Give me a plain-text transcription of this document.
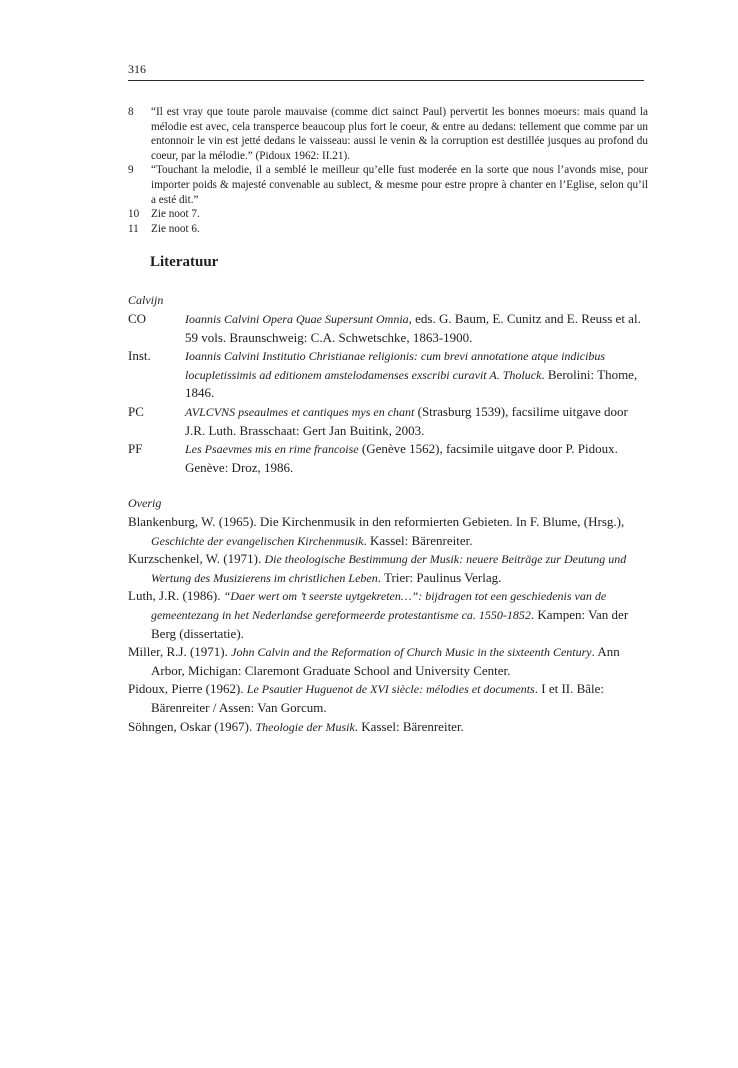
316
8	“Il est vray que toute parole mauvaise (comme dict sainct Paul) pervertit les bonnes moeurs: mais quand la mélodie est avec, cela transperce beaucoup plus fort le coeur, & entre au dedans: tellement que comme par un entonnoir le vin est jetté dedans le vaisseau: aussi le venin & la corruption est destillée jusques au profond du coeur, par la mélodie.” (Pidoux 1962: II.21).
9	“Touchant la melodie, il a semblé le meilleur qu’elle fust moderée en la sorte que nous l’avonds mise, pour importer poids & majesté convenable au sublect, & mesme pour estre propre à chanter en l’Eglise, selon qu’il a esté dit.”
10	Zie noot 7.
11	Zie noot 6.
Literatuur
Calvijn
CO	Ioannis Calvini Opera Quae Supersunt Omnia, eds. G. Baum, E. Cunitz and E. Reuss et al. 59 vols. Braunschweig: C.A. Schwetschke, 1863-1900.
Inst.	Ioannis Calvini Institutio Christianae religionis: cum brevi annotatione atque indicibus locupletissimis ad editionem amstelodamenses exscribi curavit A. Tholuck. Berolini: Thome, 1846.
PC	AVLCVNS pseaulmes et cantiques mys en chant (Strasburg 1539), facsilime uitgave door J.R. Luth. Brasschaat: Gert Jan Buitink, 2003.
PF	Les Psaevmes mis en rime francoise (Genève 1562), facsimile uitgave door P. Pidoux. Genève: Droz, 1986.
Overig
Blankenburg, W. (1965). Die Kirchenmusik in den reformierten Gebieten. In F. Blume, (Hrsg.), Geschichte der evangelischen Kirchenmusik. Kassel: Bärenreiter.
Kurzschenkel, W. (1971). Die theologische Bestimmung der Musik: neuere Beiträge zur Deutung und Wertung des Musizierens im christlichen Leben. Trier: Paulinus Verlag.
Luth, J.R. (1986). “Daer wert om ’t seerste uytgekreten…”: bijdragen tot een geschiedenis van de gemeentezang in het Nederlandse gereformeerde protestantisme ca. 1550-1852. Kampen: Van der Berg (dissertatie).
Miller, R.J. (1971). John Calvin and the Reformation of Church Music in the sixteenth Century. Ann Arbor, Michigan: Claremont Graduate School and University Center.
Pidoux, Pierre (1962). Le Psautier Huguenot de XVI siècle: mélodies et documents. I et II. Bâle: Bärenreiter / Assen: Van Gorcum.
Söhngen, Oskar (1967). Theologie der Musik. Kassel: Bärenreiter.
